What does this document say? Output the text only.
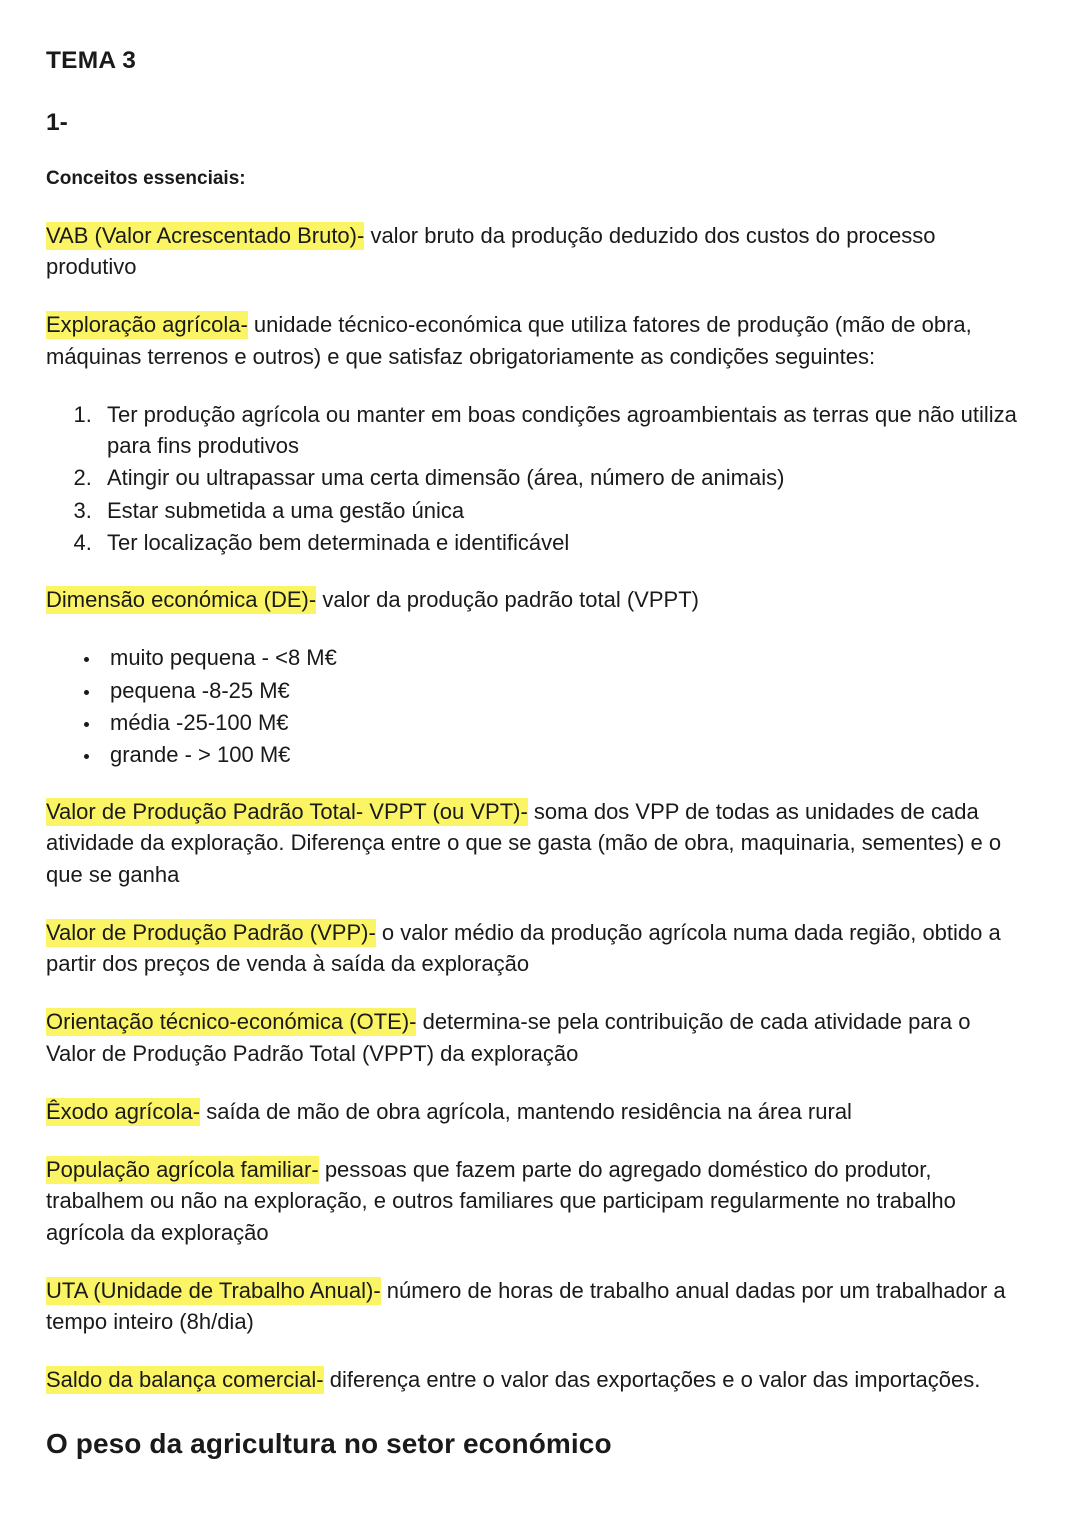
TEMA 3
1-
Conceitos essenciais:

VAB (Valor Acrescentado Bruto)- valor bruto da produção deduzido dos custos do processo produtivo

Exploração agrícola- unidade técnico-económica que utiliza fatores de produção (mão de obra, máquinas terrenos e outros) e que satisfaz obrigatoriamente as condições seguintes:

1. Ter produção agrícola ou manter em boas condições agroambientais as terras que não utiliza para fins produtivos
2. Atingir ou ultrapassar uma certa dimensão (área, número de animais)
3. Estar submetida a uma gestão única
4. Ter localização bem determinada e identificável

Dimensão económica (DE)- valor da produção padrão total (VPPT)

• muito pequena - <8 M€
• pequena -8-25 M€
• média -25-100 M€
• grande - > 100 M€

Valor de Produção Padrão Total- VPPT (ou VPT)- soma dos VPP de todas as unidades de cada atividade da exploração. Diferença entre o que se gasta (mão de obra, maquinaria, sementes) e o que se ganha

Valor de Produção Padrão (VPP)- o valor médio da produção agrícola numa dada região, obtido a partir dos preços de venda à saída da exploração

Orientação técnico-económica (OTE)- determina-se pela contribuição de cada atividade para o Valor de Produção Padrão Total (VPPT) da exploração

Êxodo agrícola- saída de mão de obra agrícola, mantendo residência na área rural

População agrícola familiar- pessoas que fazem parte do agregado doméstico do produtor, trabalhem ou não na exploração, e outros familiares que participam regularmente no trabalho agrícola da exploração

UTA (Unidade de Trabalho Anual)- número de horas de trabalho anual dadas por um trabalhador a tempo inteiro (8h/dia)

Saldo da balança comercial- diferença entre o valor das exportações e o valor das importações.

O peso da agricultura no setor económico
